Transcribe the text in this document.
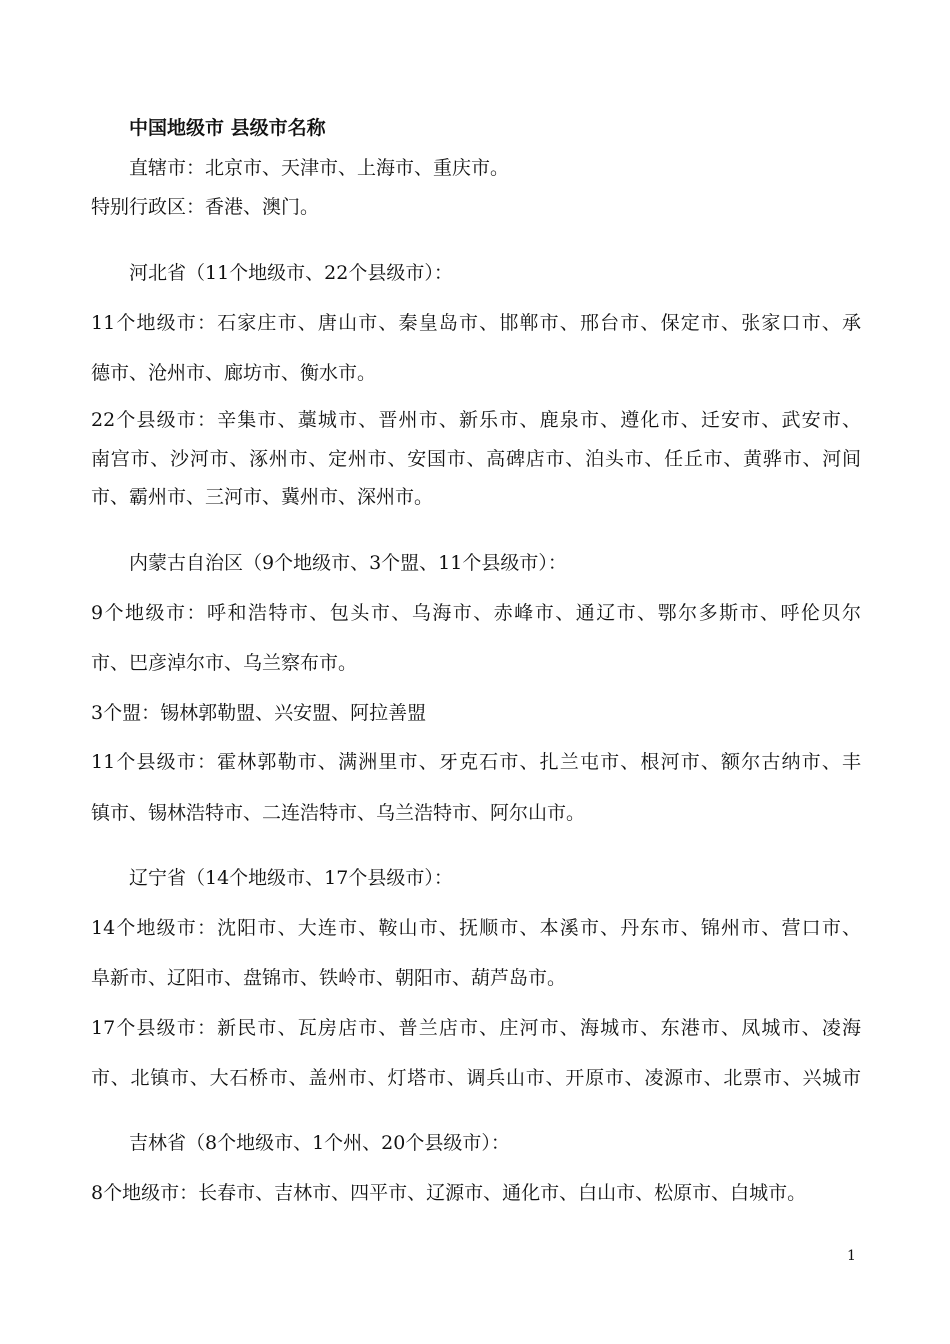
中国地级市 县级市名称

直辖市：北京市、天津市、上海市、重庆市。

特别行政区：香港、澳门。

河北省（11个地级市、22个县级市）：

11个地级市：石家庄市、唐山市、秦皇岛市、邯郸市、邢台市、保定市、张家口市、承

德市、沧州市、廊坊市、衡水市。

22个县级市：辛集市、藁城市、晋州市、新乐市、鹿泉市、遵化市、迁安市、武安市、

南宫市、沙河市、涿州市、定州市、安国市、高碑店市、泊头市、任丘市、黄骅市、河间

市、霸州市、三河市、冀州市、深州市。

内蒙古自治区（9个地级市、3个盟、11个县级市）：

9个地级市：呼和浩特市、包头市、乌海市、赤峰市、通辽市、鄂尔多斯市、呼伦贝尔

市、巴彦淖尔市、乌兰察布市。

3个盟：锡林郭勒盟、兴安盟、阿拉善盟

11个县级市：霍林郭勒市、满洲里市、牙克石市、扎兰屯市、根河市、额尔古纳市、丰

镇市、锡林浩特市、二连浩特市、乌兰浩特市、阿尔山市。

辽宁省（14个地级市、17个县级市）：

14个地级市：沈阳市、大连市、鞍山市、抚顺市、本溪市、丹东市、锦州市、营口市、

阜新市、辽阳市、盘锦市、铁岭市、朝阳市、葫芦岛市。

17个县级市：新民市、瓦房店市、普兰店市、庄河市、海城市、东港市、凤城市、凌海

市、北镇市、大石桥市、盖州市、灯塔市、调兵山市、开原市、凌源市、北票市、兴城市

吉林省（8个地级市、1个州、20个县级市）：

8个地级市：长春市、吉林市、四平市、辽源市、通化市、白山市、松原市、白城市。

1
